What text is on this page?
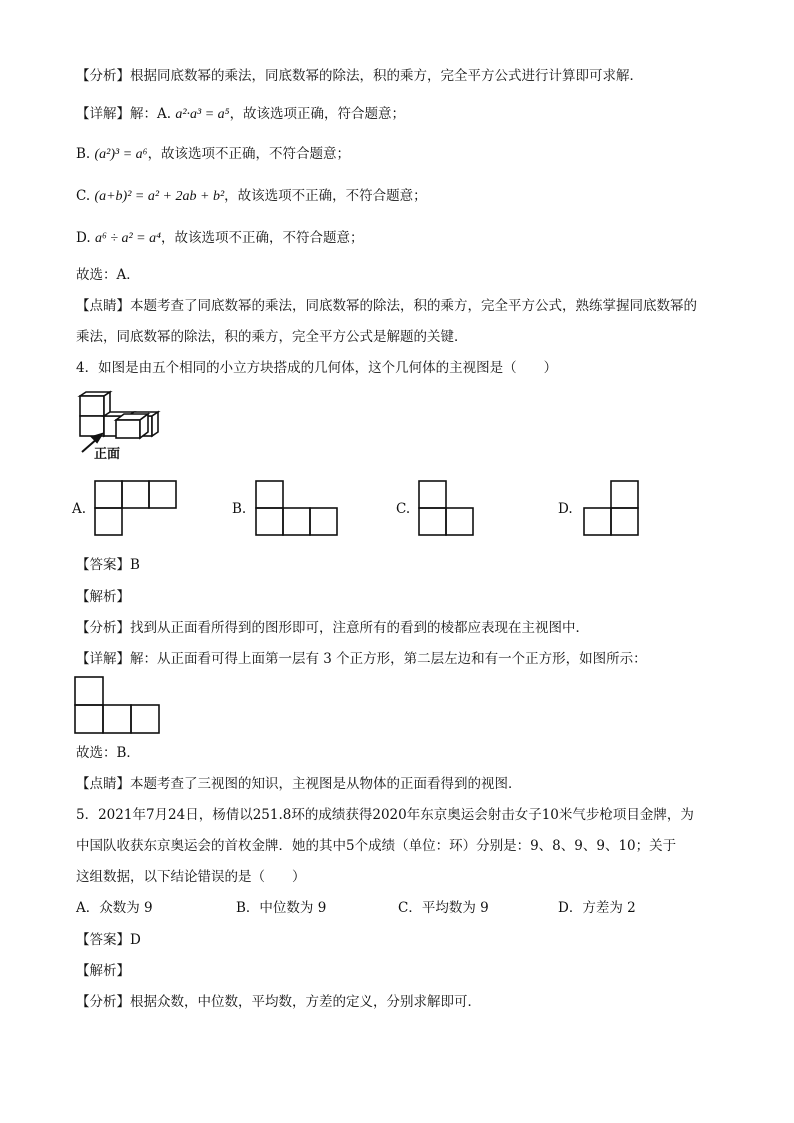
【分析】根据同底数幂的乘法，同底数幂的除法，积的乘方，完全平方公式进行计算即可求解．
【详解】解：A. a²·a³ = a⁵，故该选项正确，符合题意；
B. (a²)³ = a⁶，故该选项不正确，不符合题意；
C. (a+b)² = a² + 2ab + b²，故该选项不正确，不符合题意；
D. a⁶ ÷ a² = a⁴，故该选项不正确，不符合题意；
故选：A．
【点睛】本题考查了同底数幂的乘法，同底数幂的除法，积的乘方，完全平方公式，熟练掌握同底数幂的
乘法，同底数幂的除法，积的乘方，完全平方公式是解题的关键．
4．如图是由五个相同的小立方块搭成的几何体，这个几何体的主视图是（　　）
正面
A.	B.	C.	D.
【答案】B
【解析】
【分析】找到从正面看所得到的图形即可，注意所有的看到的棱都应表现在主视图中．
【详解】解：从正面看可得上面第一层有 3 个正方形，第二层左边和有一个正方形，如图所示：
故选：B．
【点睛】本题考查了三视图的知识，主视图是从物体的正面看得到的视图．
5．2021年7月24日，杨倩以251.8环的成绩获得2020年东京奥运会射击女子10米气步枪项目金牌，为
中国队收获东京奥运会的首枚金牌．她的其中5个成绩（单位：环）分别是：9、8、9、9、10；关于
这组数据，以下结论错误的是（　　）
A．众数为 9	B．中位数为 9	C．平均数为 9	D．方差为 2
【答案】D
【解析】
【分析】根据众数，中位数，平均数，方差的定义，分别求解即可．
